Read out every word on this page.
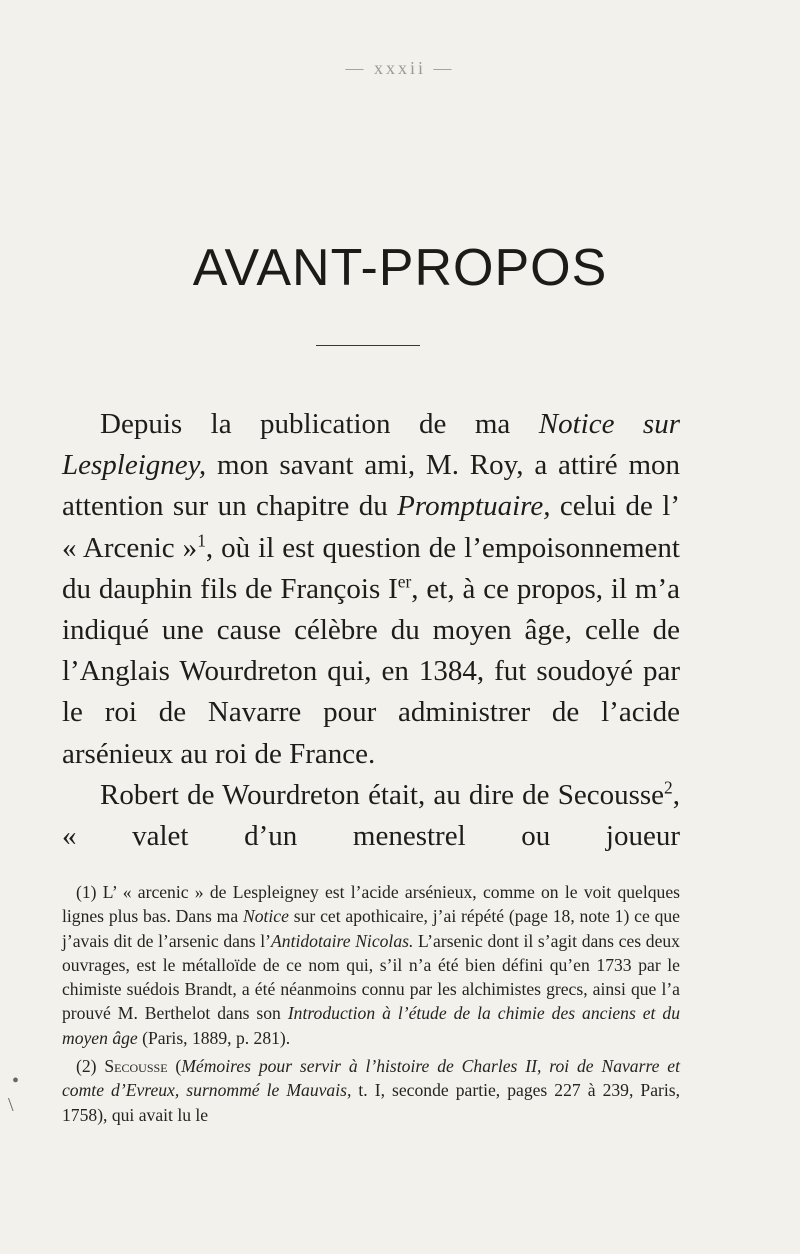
— xxxii —
AVANT-PROPOS

Depuis la publication de ma Notice sur Lespleigney, mon savant ami, M. Roy, a attiré mon attention sur un chapitre du Promptuaire, celui de l’ « Arcenic »$^1$, où il est question de l’empoisonnement du dauphin fils de François Ier, et, à ce propos, il m’a indiqué une cause célèbre du moyen âge, celle de l’Anglais Wourdreton qui, en 1384, fut soudoyé par le roi de Navarre pour administrer de l’acide arsénieux au roi de France.

Robert de Wourdreton était, au dire de Secousse$^2$, « valet d’un menestrel ou joueur

(1) L’ « arcenic » de Lespleigney est l’acide arsénieux, comme on le voit quelques lignes plus bas. Dans ma Notice sur cet apothicaire, j’ai répété (page 18, note 1) ce que j’avais dit de l’arsenic dans l’Antidotaire Nicolas. L’arsenic dont il s’agit dans ces deux ouvrages, est le métalloïde de ce nom qui, s’il n’a été bien défini qu’en 1733 par le chimiste suédois Brandt, a été néanmoins connu par les alchimistes grecs, ainsi que l’a prouvé M. Berthelot dans son Introduction à l’étude de la chimie des anciens et du moyen âge (Paris, 1889, p. 281).

(2) Secousse (Mémoires pour servir à l’histoire de Charles II, roi de Navarre et comte d’Evreux, surnommé le Mauvais, t. I, seconde partie, pages 227 à 239, Paris, 1758), qui avait lu le

•
\
